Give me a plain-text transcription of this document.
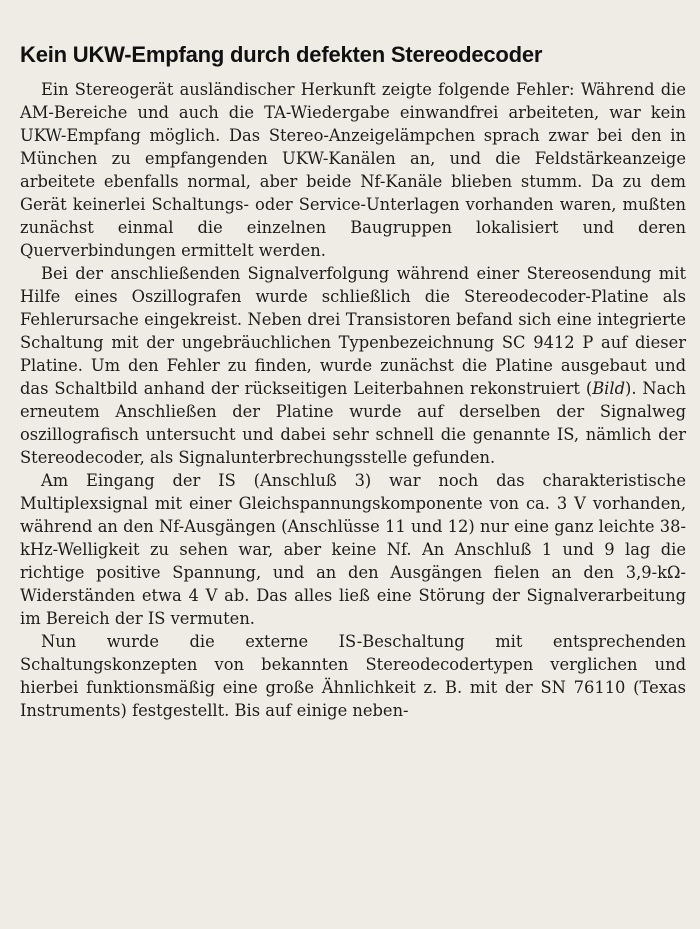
Kein UKW-Empfang durch defekten Stereodecoder

Ein Stereogerät ausländischer Herkunft zeigte folgende Fehler: Während die AM-Bereiche und auch die TA-Wiedergabe einwandfrei arbeiteten, war kein UKW-Empfang möglich. Das Stereo-Anzeigelämpchen sprach zwar bei den in München zu empfangenden UKW-Kanälen an, und die Feldstärkeanzeige arbeitete ebenfalls normal, aber beide Nf-Kanäle blieben stumm. Da zu dem Gerät keinerlei Schaltungs- oder Service-Unterlagen vorhanden waren, mußten zunächst einmal die einzelnen Baugruppen lokalisiert und deren Querverbindungen ermittelt werden.

Bei der anschließenden Signalverfolgung während einer Stereosendung mit Hilfe eines Oszillografen wurde schließlich die Stereodecoder-Platine als Fehlerursache eingekreist. Neben drei Transistoren befand sich eine integrierte Schaltung mit der ungebräuchlichen Typenbezeichnung SC 9412 P auf dieser Platine. Um den Fehler zu finden, wurde zunächst die Platine ausgebaut und das Schaltbild anhand der rückseitigen Leiterbahnen rekonstruiert (Bild). Nach erneutem Anschließen der Platine wurde auf derselben der Signalweg oszillografisch untersucht und dabei sehr schnell die genannte IS, nämlich der Stereodecoder, als Signalunterbrechungsstelle gefunden.

Am Eingang der IS (Anschluß 3) war noch das charakteristische Multiplexsignal mit einer Gleichspannungskomponente von ca. 3 V vorhanden, während an den Nf-Ausgängen (Anschlüsse 11 und 12) nur eine ganz leichte 38-kHz-Welligkeit zu sehen war, aber keine Nf. An Anschluß 1 und 9 lag die richtige positive Spannung, und an den Ausgängen fielen an den 3,9-kΩ-Widerständen etwa 4 V ab. Das alles ließ eine Störung der Signalverarbeitung im Bereich der IS vermuten.

Nun wurde die externe IS-Beschaltung mit entsprechenden Schaltungskonzepten von bekannten Stereodecodertypen verglichen und hierbei funktionsmäßig eine große Ähnlichkeit z. B. mit der SN 76110 (Texas Instruments) festgestellt. Bis auf einige neben-
